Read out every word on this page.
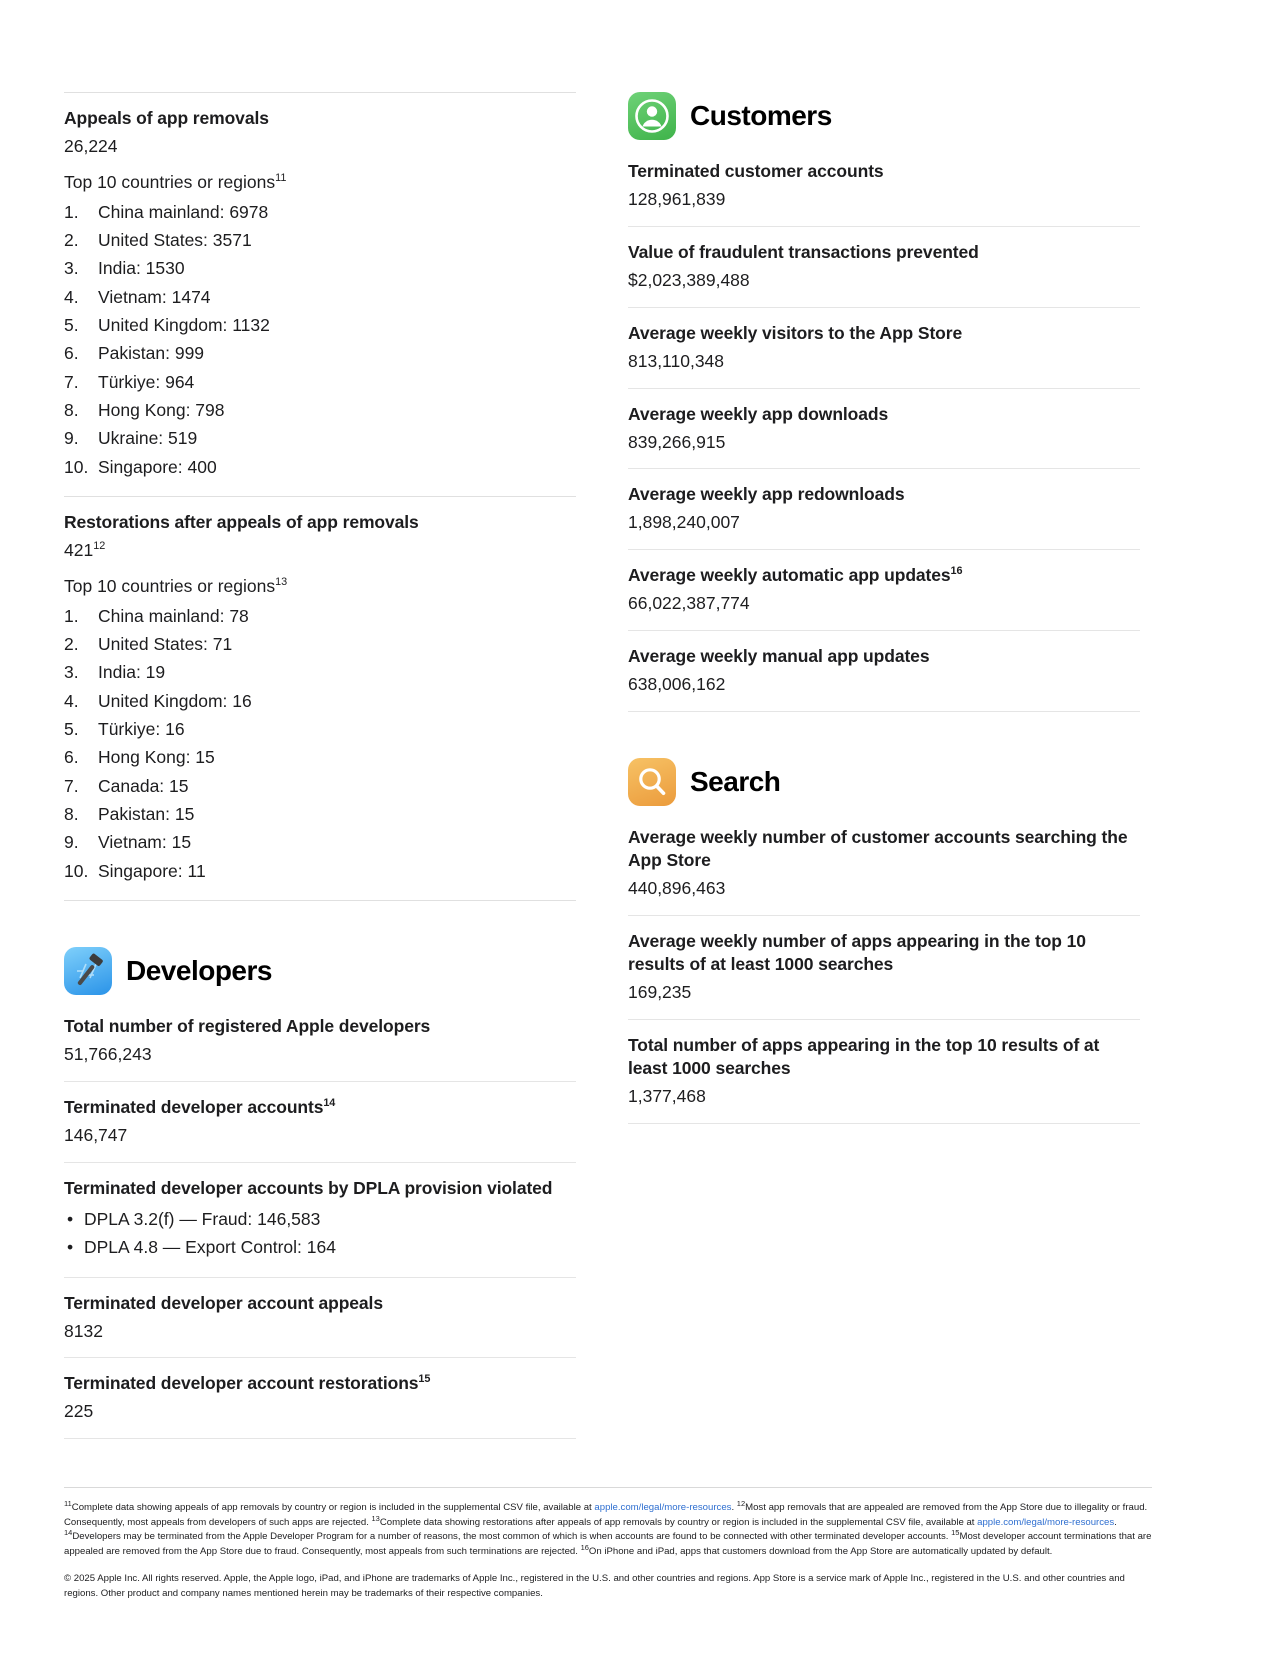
Appeals of app removals
26,224
Top 10 countries or regions$^{11}$
1.	China mainland: 6978
2.	United States: 3571
3.	India: 1530
4.	Vietnam: 1474
5.	United Kingdom: 1132
6.	Pakistan: 999
7.	Türkiye: 964
8.	Hong Kong: 798
9.	Ukraine: 519
10. Singapore: 400
Restorations after appeals of app removals
$421^{12}$
Top 10 countries or regions$^{13}$
1.	China mainland: 78
2.	United States: 71
3.	India: 19
4.	United Kingdom: 16
5.	Türkiye: 16
6.	Hong Kong: 15
7.	Canada: 15
8.	Pakistan: 15
9.	Vietnam: 15
10. Singapore: 11
Developers
Total number of registered Apple developers
51,766,243
Terminated developer accounts$^{14}$
146,747
Terminated developer accounts by DPLA provision violated
• DPLA 3.2(f) — Fraud: 146,583
• DPLA 4.8 — Export Control: 164
Terminated developer account appeals
8132
Terminated developer account restorations$^{15}$
225
Customers
Terminated customer accounts
128,961,839
Value of fraudulent transactions prevented
$2,023,389,488
Average weekly visitors to the App Store
813,110,348
Average weekly app downloads
839,266,915
Average weekly app redownloads
1,898,240,007
Average weekly automatic app updates$^{16}$
66,022,387,774
Average weekly manual app updates
638,006,162
Search
Average weekly number of customer accounts searching the App Store
440,896,463
Average weekly number of apps appearing in the top 10 results of at least 1000 searches
169,235
Total number of apps appearing in the top 10 results of at least 1000 searches
1,377,468

$^{11}$Complete data showing appeals of app removals by country or region is included in the supplemental CSV file, available at apple.com/legal/more-resources. $^{12}$Most app removals that are appealed are removed from the App Store due to illegality or fraud. Consequently, most appeals from developers of such apps are rejected. $^{13}$Complete data showing restorations after appeals of app removals by country or region is included in the supplemental CSV file, available at apple.com/legal/more-resources. $^{14}$Developers may be terminated from the Apple Developer Program for a number of reasons, the most common of which is when accounts are found to be connected with other terminated developer accounts. $^{15}$Most developer account terminations that are appealed are removed from the App Store due to fraud. Consequently, most appeals from such terminations are rejected. $^{16}$On iPhone and iPad, apps that customers download from the App Store are automatically updated by default.

© 2025 Apple Inc. All rights reserved. Apple, the Apple logo, iPad, and iPhone are trademarks of Apple Inc., registered in the U.S. and other countries and regions. App Store is a service mark of Apple Inc., registered in the U.S. and other countries and regions. Other product and company names mentioned herein may be trademarks of their respective companies.
